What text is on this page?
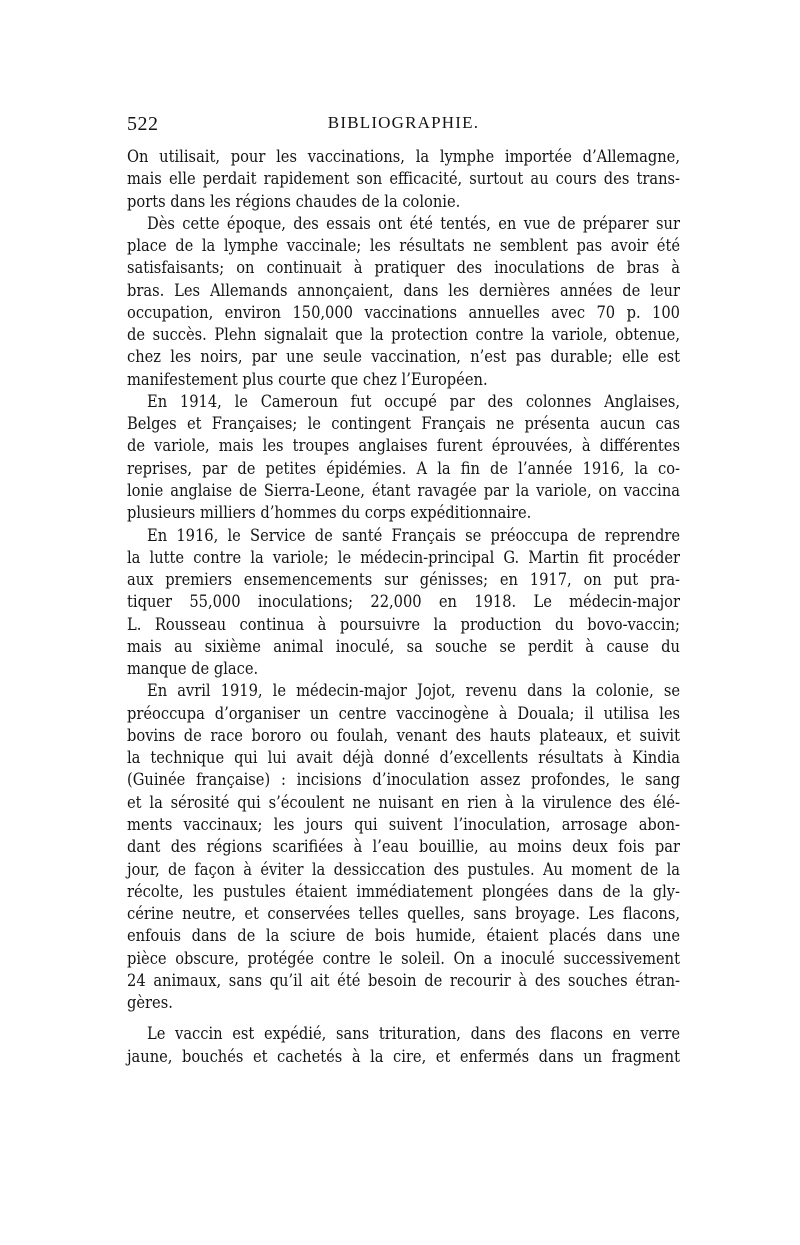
522	BIBLIOGRAPHIE.
On utilisait, pour les vaccinations, la lymphe importée d’Allemagne,
mais elle perdait rapidement son efficacité, surtout au cours des trans-
ports dans les régions chaudes de la colonie.
Dès cette époque, des essais ont été tentés, en vue de préparer sur
place de la lymphe vaccinale; les résultats ne semblent pas avoir été
satisfaisants; on continuait à pratiquer des inoculations de bras à
bras. Les Allemands annonçaient, dans les dernières années de leur
occupation, environ 150,000 vaccinations annuelles avec 70 p. 100
de succès. Plehn signalait que la protection contre la variole, obtenue,
chez les noirs, par une seule vaccination, n’est pas durable; elle est
manifestement plus courte que chez l’Européen.
En 1914, le Cameroun fut occupé par des colonnes Anglaises,
Belges et Françaises; le contingent Français ne présenta aucun cas
de variole, mais les troupes anglaises furent éprouvées, à différentes
reprises, par de petites épidémies. A la fin de l’année 1916, la co-
lonie anglaise de Sierra-Leone, étant ravagée par la variole, on vaccina
plusieurs milliers d’hommes du corps expéditionnaire.
En 1916, le Service de santé Français se préoccupa de reprendre
la lutte contre la variole; le médecin-principal G. Martin fit procéder
aux premiers ensemencements sur génisses; en 1917, on put pra-
tiquer 55,000 inoculations; 22,000 en 1918. Le médecin-major
L. Rousseau continua à poursuivre la production du bovo-vaccin;
mais au sixième animal inoculé, sa souche se perdit à cause du
manque de glace.
En avril 1919, le médecin-major Jojot, revenu dans la colonie, se
préoccupa d’organiser un centre vaccinogène à Douala; il utilisa les
bovins de race bororo ou foulah, venant des hauts plateaux, et suivit
la technique qui lui avait déjà donné d’excellents résultats à Kindia
(Guinée française) : incisions d’inoculation assez profondes, le sang
et la sérosité qui s’écoulent ne nuisant en rien à la virulence des élé-
ments vaccinaux; les jours qui suivent l’inoculation, arrosage abon-
dant des régions scarifiées à l’eau bouillie, au moins deux fois par
jour, de façon à éviter la dessiccation des pustules. Au moment de la
récolte, les pustules étaient immédiatement plongées dans de la gly-
cérine neutre, et conservées telles quelles, sans broyage. Les flacons,
enfouis dans de la sciure de bois humide, étaient placés dans une
pièce obscure, protégée contre le soleil. On a inoculé successivement
24 animaux, sans qu’il ait été besoin de recourir à des souches étran-
gères.
Le vaccin est expédié, sans trituration, dans des flacons en verre
jaune, bouchés et cachetés à la cire, et enfermés dans un fragment
